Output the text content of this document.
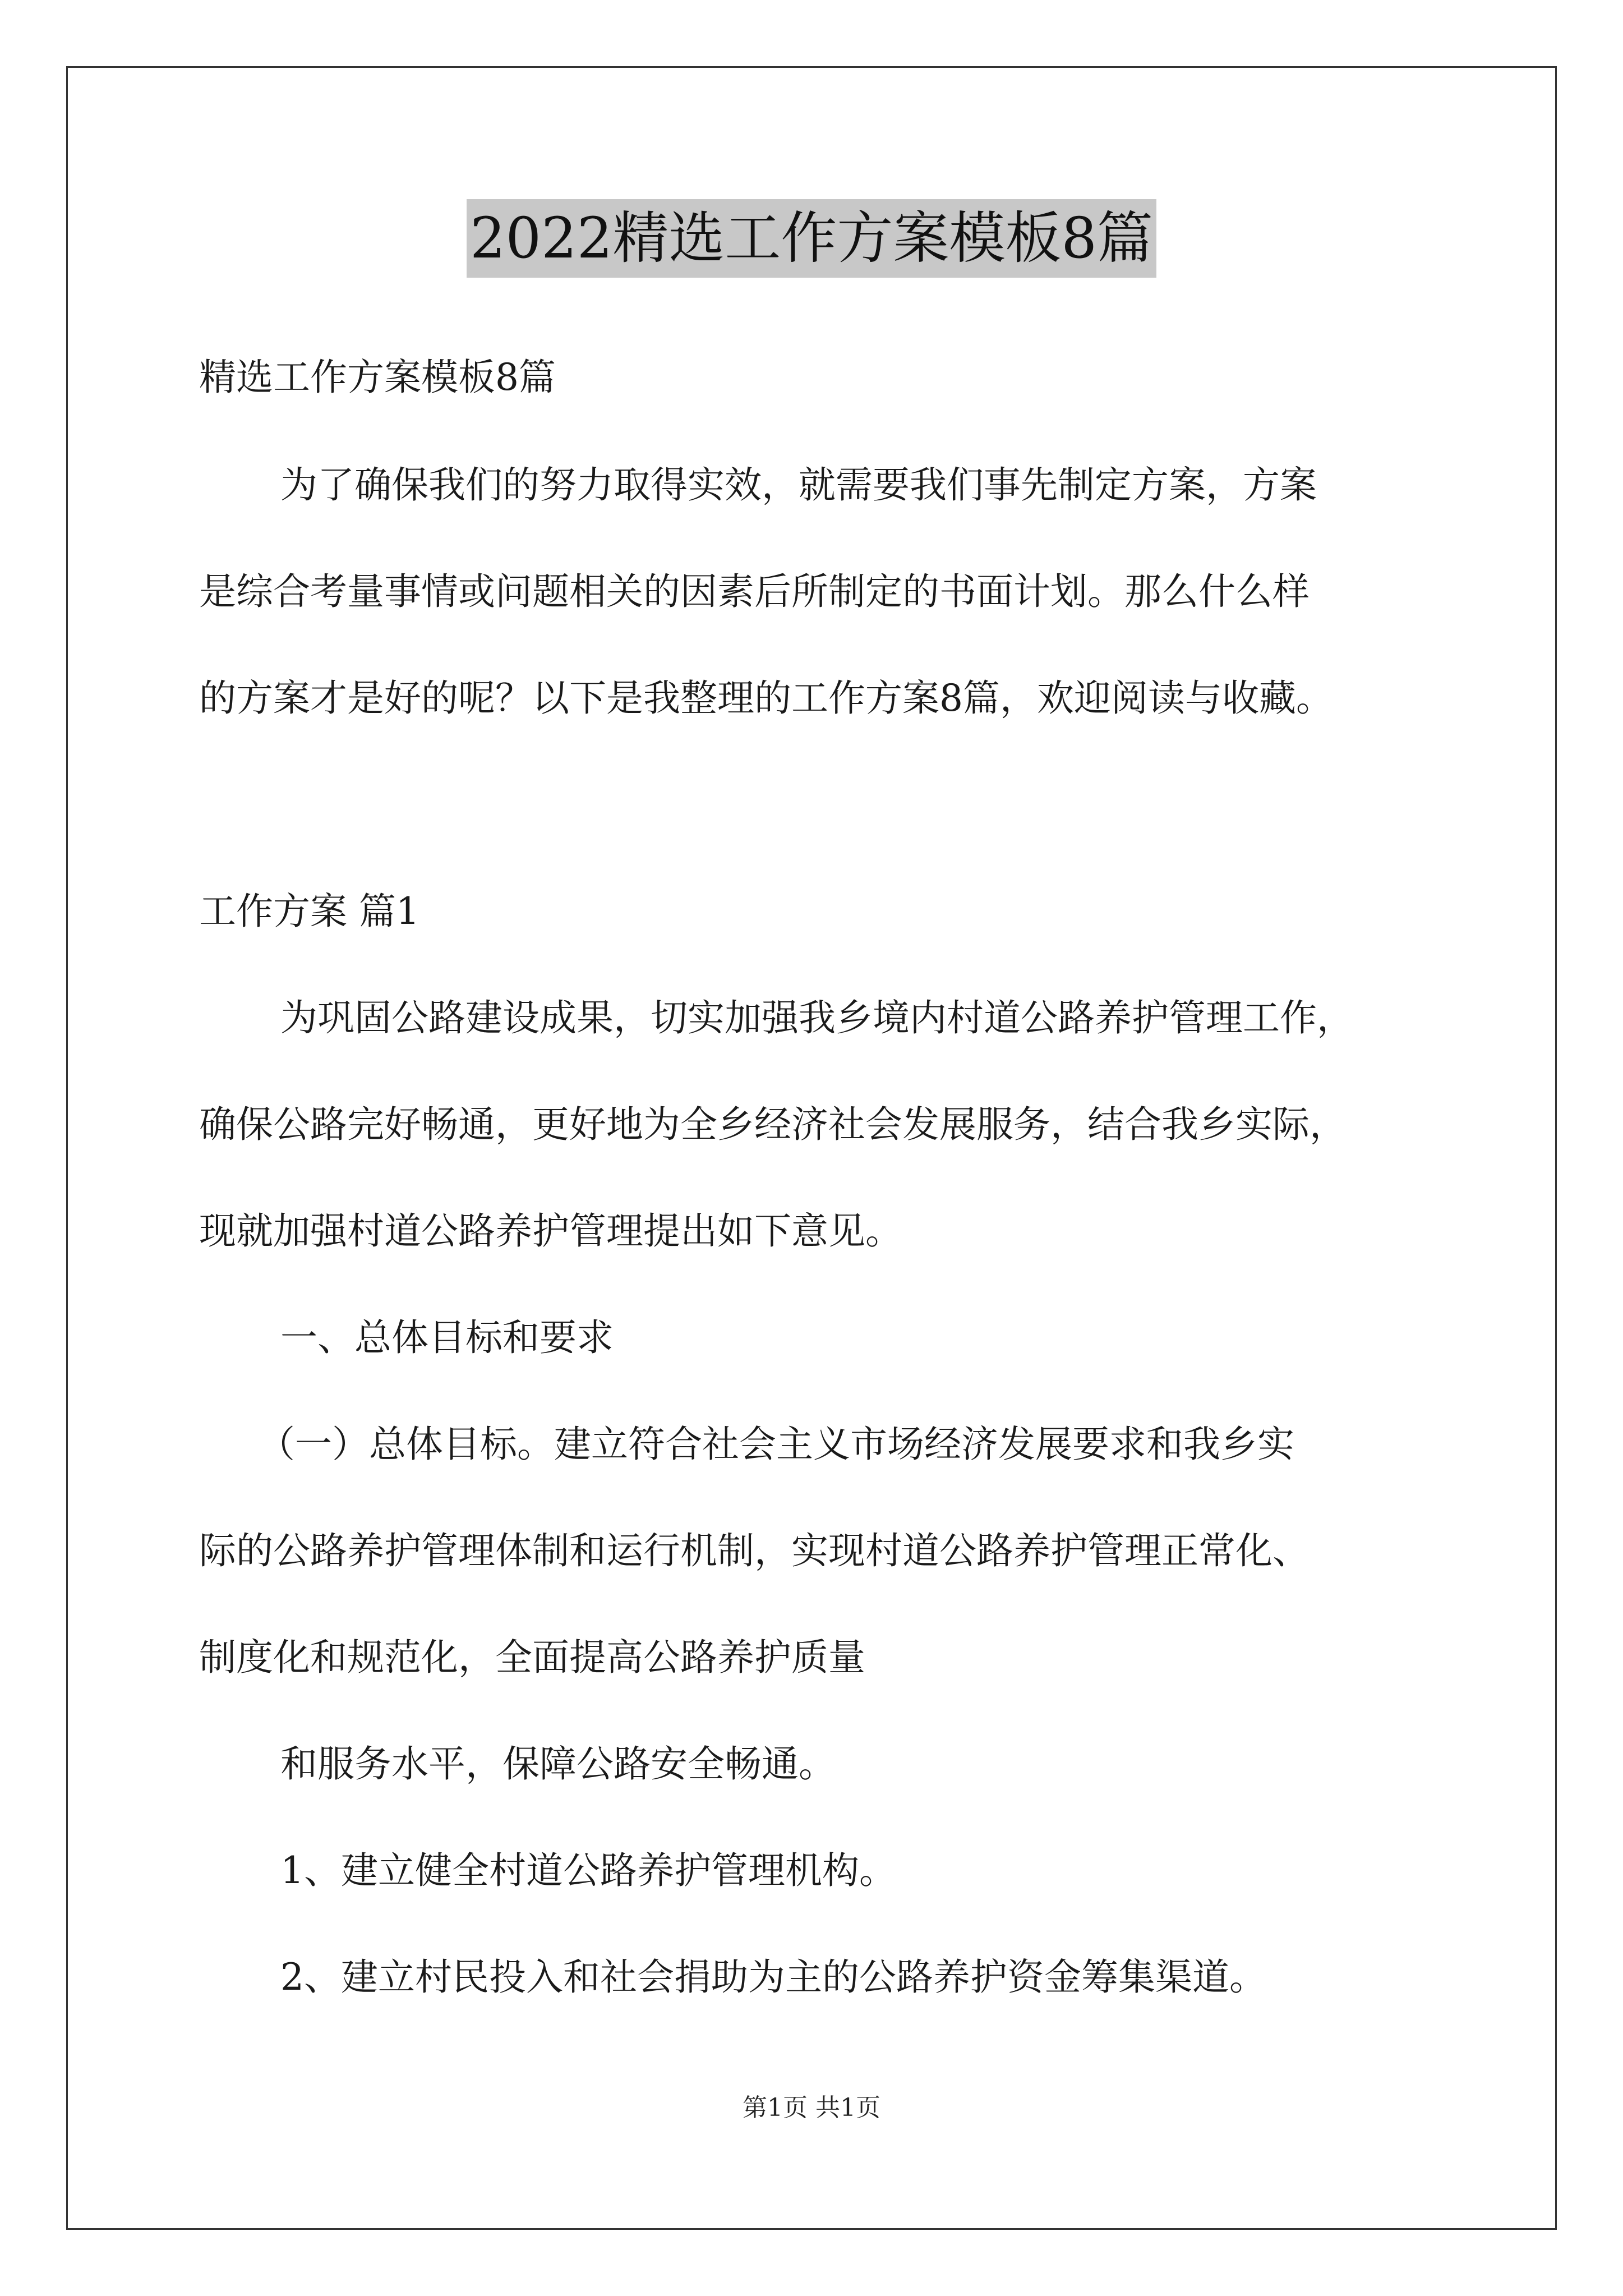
2022精选工作方案模板8篇
精选工作方案模板8篇
为了确保我们的努力取得实效，就需要我们事先制定方案，方案
是综合考量事情或问题相关的因素后所制定的书面计划。那么什么样
的方案才是好的呢？以下是我整理的工作方案8篇，欢迎阅读与收藏。
工作方案 篇1
为巩固公路建设成果，切实加强我乡境内村道公路养护管理工作，
确保公路完好畅通，更好地为全乡经济社会发展服务，结合我乡实际，
现就加强村道公路养护管理提出如下意见。
一、总体目标和要求
（一）总体目标。建立符合社会主义市场经济发展要求和我乡实
际的公路养护管理体制和运行机制，实现村道公路养护管理正常化、
制度化和规范化，全面提高公路养护质量
和服务水平，保障公路安全畅通。
1、建立健全村道公路养护管理机构。
2、建立村民投入和社会捐助为主的公路养护资金筹集渠道。
第1页 共1页
